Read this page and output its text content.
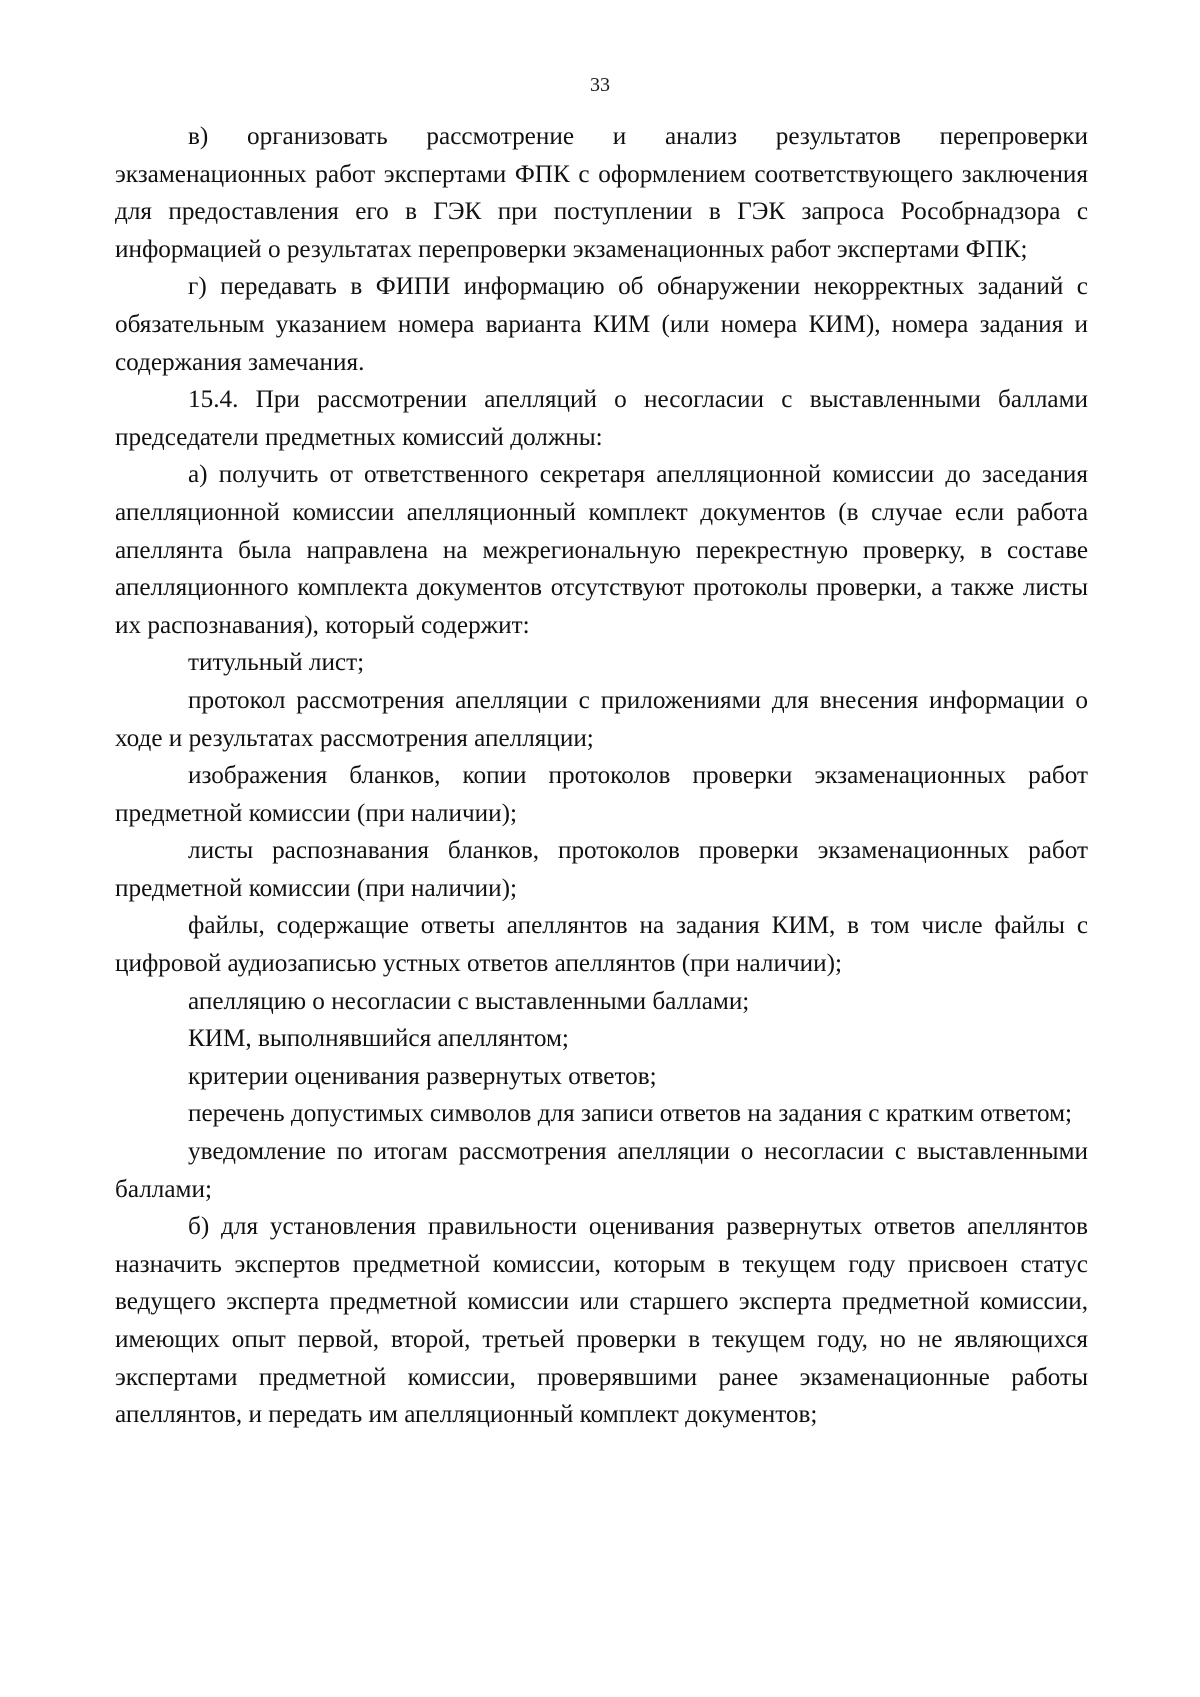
33

в) организовать рассмотрение и анализ результатов перепроверки экзаменационных работ экспертами ФПК с оформлением соответствующего заключения для предоставления его в ГЭК при поступлении в ГЭК запроса Рособрнадзора с информацией о результатах перепроверки экзаменационных работ экспертами ФПК;

г) передавать в ФИПИ информацию об обнаружении некорректных заданий с обязательным указанием номера варианта КИМ (или номера КИМ), номера задания и содержания замечания.

15.4. При рассмотрении апелляций о несогласии с выставленными баллами председатели предметных комиссий должны:

а) получить от ответственного секретаря апелляционной комиссии до заседания апелляционной комиссии апелляционный комплект документов (в случае если работа апеллянта была направлена на межрегиональную перекрестную проверку, в составе апелляционного комплекта документов отсутствуют протоколы проверки, а также листы их распознавания), который содержит:

титульный лист;

протокол рассмотрения апелляции с приложениями для внесения информации о ходе и результатах рассмотрения апелляции;

изображения бланков, копии протоколов проверки экзаменационных работ предметной комиссии (при наличии);

листы распознавания бланков, протоколов проверки экзаменационных работ предметной комиссии (при наличии);

файлы, содержащие ответы апеллянтов на задания КИМ, в том числе файлы с цифровой аудиозаписью устных ответов апеллянтов (при наличии);

апелляцию о несогласии с выставленными баллами;

КИМ, выполнявшийся апеллянтом;

критерии оценивания развернутых ответов;

перечень допустимых символов для записи ответов на задания с кратким ответом;

уведомление по итогам рассмотрения апелляции о несогласии с выставленными баллами;

б) для установления правильности оценивания развернутых ответов апеллянтов назначить экспертов предметной комиссии, которым в текущем году присвоен статус ведущего эксперта предметной комиссии или старшего эксперта предметной комиссии, имеющих опыт первой, второй, третьей проверки в текущем году, но не являющихся экспертами предметной комиссии, проверявшими ранее экзаменационные работы апеллянтов, и передать им апелляционный комплект документов;
